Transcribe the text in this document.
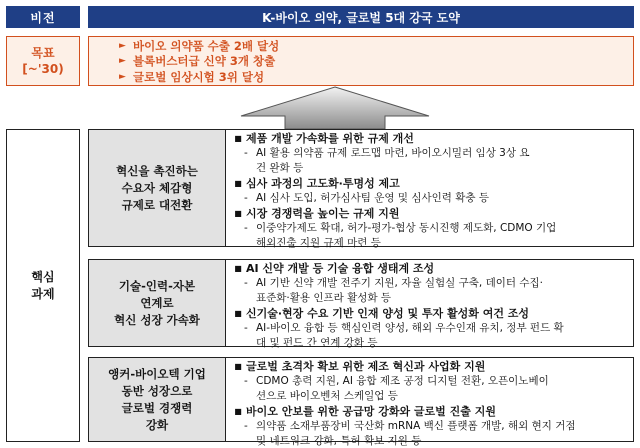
비전	K-바이오 의약, 글로벌 5대 강국 도약
목표
[~'30)
► 바이오 의약품 수출 2배 달성
► 블록버스터급 신약 3개 창출
► 글로벌 임상시험 3위 달성
핵심
과제
혁신을 촉진하는
수요자 체감형
규제로 대전환
■ 제품 개발 가속화를 위한 규제 개선
- AI 활용 의약품 규제 로드맵 마련, 바이오시밀러 임상 3상 요
건 완화 등
■ 심사 과정의 고도화·투명성 제고
- AI 심사 도입, 허가심사팀 운영 및 심사인력 확충 등
■ 시장 경쟁력을 높이는 규제 지원
- 이중약가제도 확대, 허가-평가-협상 동시진행 제도화, CDMO 기업
해외진출 지원 규제 마련 등
기술-인력-자본
연계로
혁신 성장 가속화
■ AI 신약 개발 등 기술 융합 생태계 조성
- AI 기반 신약 개발 전주기 지원, 자율 실험실 구축, 데이터 수집·
표준화·활용 인프라 활성화 등
■ 신기술·현장 수요 기반 인재 양성 및 투자 활성화 여건 조성
- AI-바이오 융합 등 핵심인력 양성, 해외 우수인재 유치, 정부 펀드 확
대 및 펀드 간 연계 강화 등
앵커-바이오텍 기업
동반 성장으로
글로벌 경쟁력
강화
■ 글로벌 초격차 확보 위한 제조 혁신과 사업화 지원
- CDMO 총력 지원, AI 융합 제조 공정 디지털 전환, 오픈이노베이
션으로 바이오벤처 스케일업 등
■ 바이오 안보를 위한 공급망 강화와 글로벌 진출 지원
- 의약품 소재부품장비 국산화 mRNA 백신 플랫폼 개발, 해외 현지 거점
및 네트워크 강화, 특허 확보 지원 등
